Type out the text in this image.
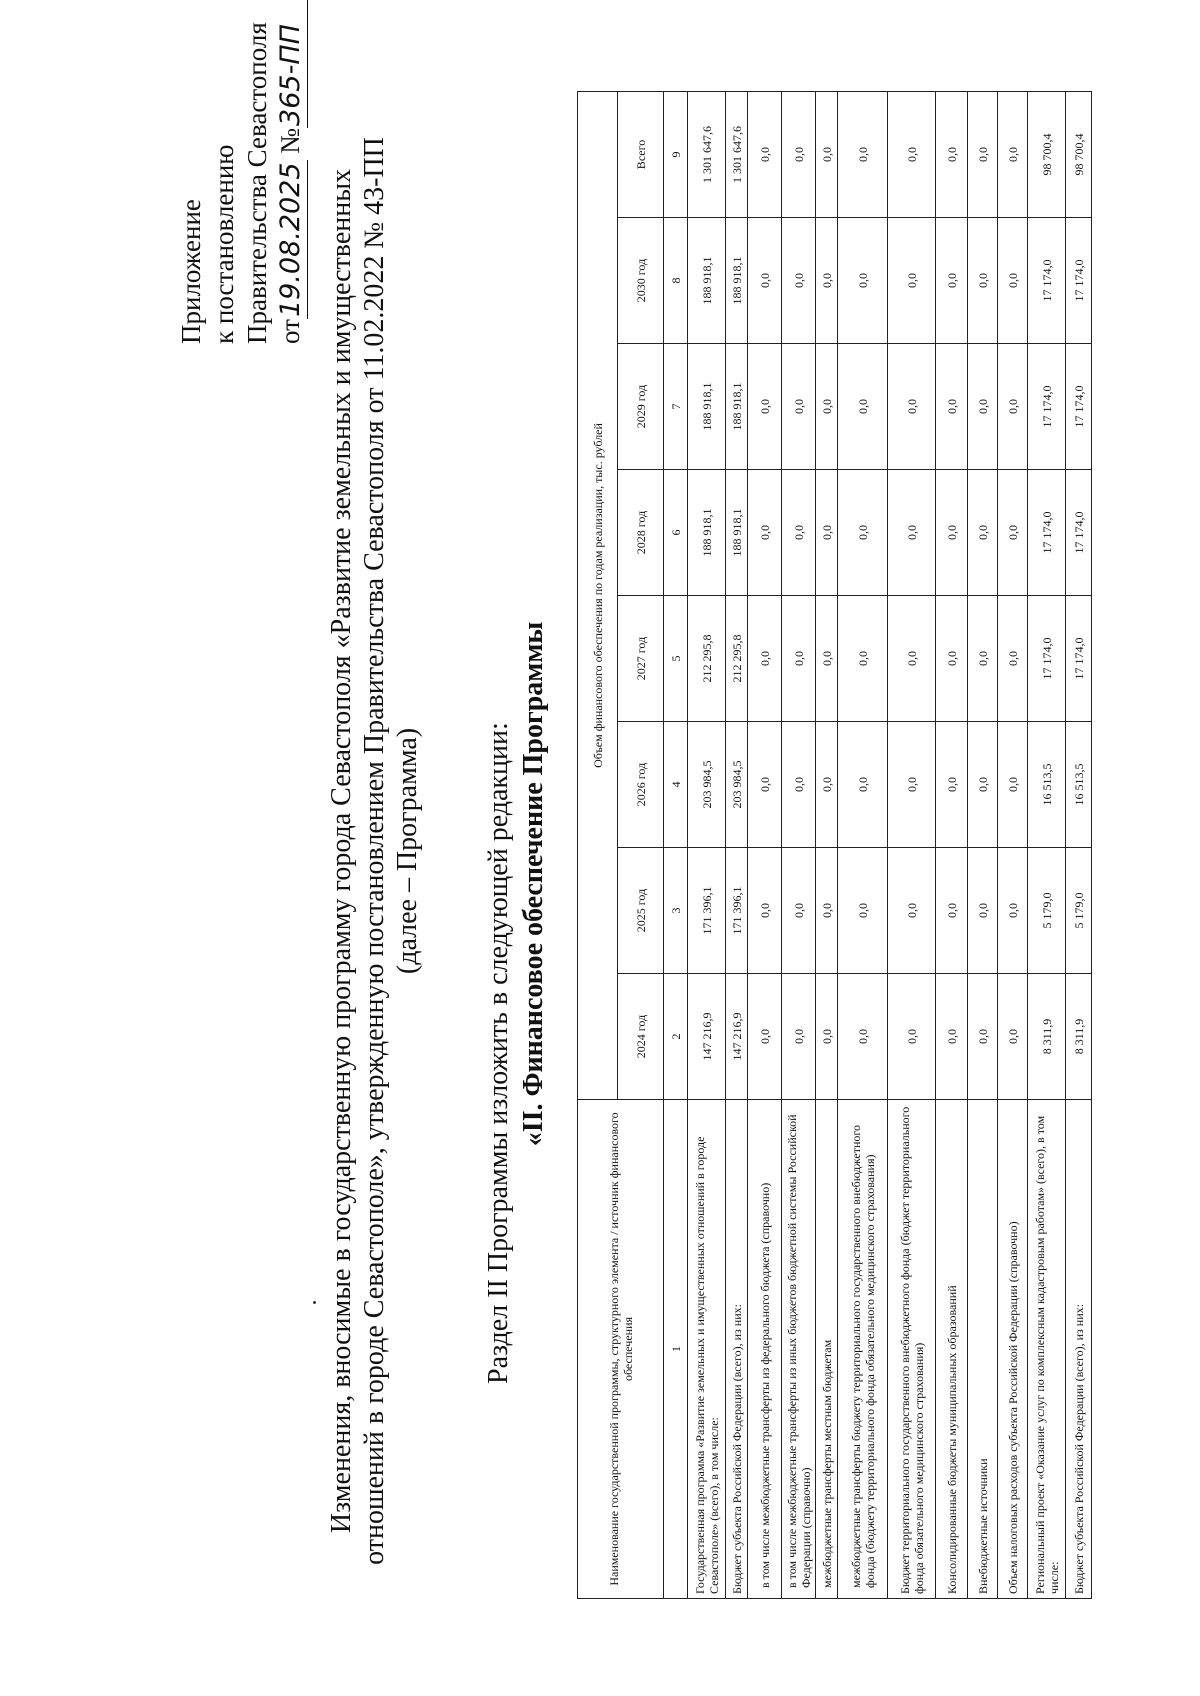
Приложение к постановлению Правительства Севастополя от19.08.2025 №365-ПП
Изменения, вносимые в государственную программу города Севастополя «Развитие земельных и имущественных отношений в городе Севастополе», утвержденную постановлением Правительства Севастополя от 11.02.2022 № 43-ПП (далее – Программа) Раздел II Программы изложить в следующей редакции: «II. Финансовое обеспечение Программы
Наименование государственной программы, структурного элемента / источник финансового обеспечения	Объем финансового обеспечения по годам реализации, тыс. рублей							
	2024 год	2025 год	2026 год	2027 год	2028 год	2029 год	2030 год	Всего
1	2	3	4	5	6	7	8	9
Государственная программа «Развитие земельных и имущественных отношений в городе Севастополе» (всего), в том числе:	147 216,9	171 396,1	203 984,5	212 295,8	188 918,1	188 918,1	188 918,1	1 301 647,6
Бюджет субъекта Российской Федерации (всего), из них:	147 216,9	171 396,1	203 984,5	212 295,8	188 918,1	188 918,1	188 918,1	1 301 647,6
в том числе межбюджетные трансферты из федерального бюджета (справочно)	0,0	0,0	0,0	0,0	0,0	0,0	0,0	0,0
в том числе межбюджетные трансферты из иных бюджетов бюджетной системы Российской Федерации (справочно)	0,0	0,0	0,0	0,0	0,0	0,0	0,0	0,0
межбюджетные трансферты местным бюджетам	0,0	0,0	0,0	0,0	0,0	0,0	0,0	0,0
межбюджетные трансферты бюджету территориального государственного внебюджетного фонда (бюджету территориального фонда обязательного медицинского страхования)	0,0	0,0	0,0	0,0	0,0	0,0	0,0	0,0
Бюджет территориального государственного внебюджетного фонда (бюджет территориального фонда обязательного медицинского страхования)	0,0	0,0	0,0	0,0	0,0	0,0	0,0	0,0
Консолидированные бюджеты муниципальных образований	0,0	0,0	0,0	0,0	0,0	0,0	0,0	0,0
Внебюджетные источники	0,0	0,0	0,0	0,0	0,0	0,0	0,0	0,0
Объем налоговых расходов субъекта Российской Федерации (справочно)	0,0	0,0	0,0	0,0	0,0	0,0	0,0	0,0
Региональный проект «Оказание услуг по комплексным кадастровым работам» (всего), в том числе:	8 311,9	5 179,0	16 513,5	17 174,0	17 174,0	17 174,0	17 174,0	98 700,4
Бюджет субъекта Российской Федерации (всего), из них:	8 311,9	5 179,0	16 513,5	17 174,0	17 174,0	17 174,0	17 174,0	98 700,4
